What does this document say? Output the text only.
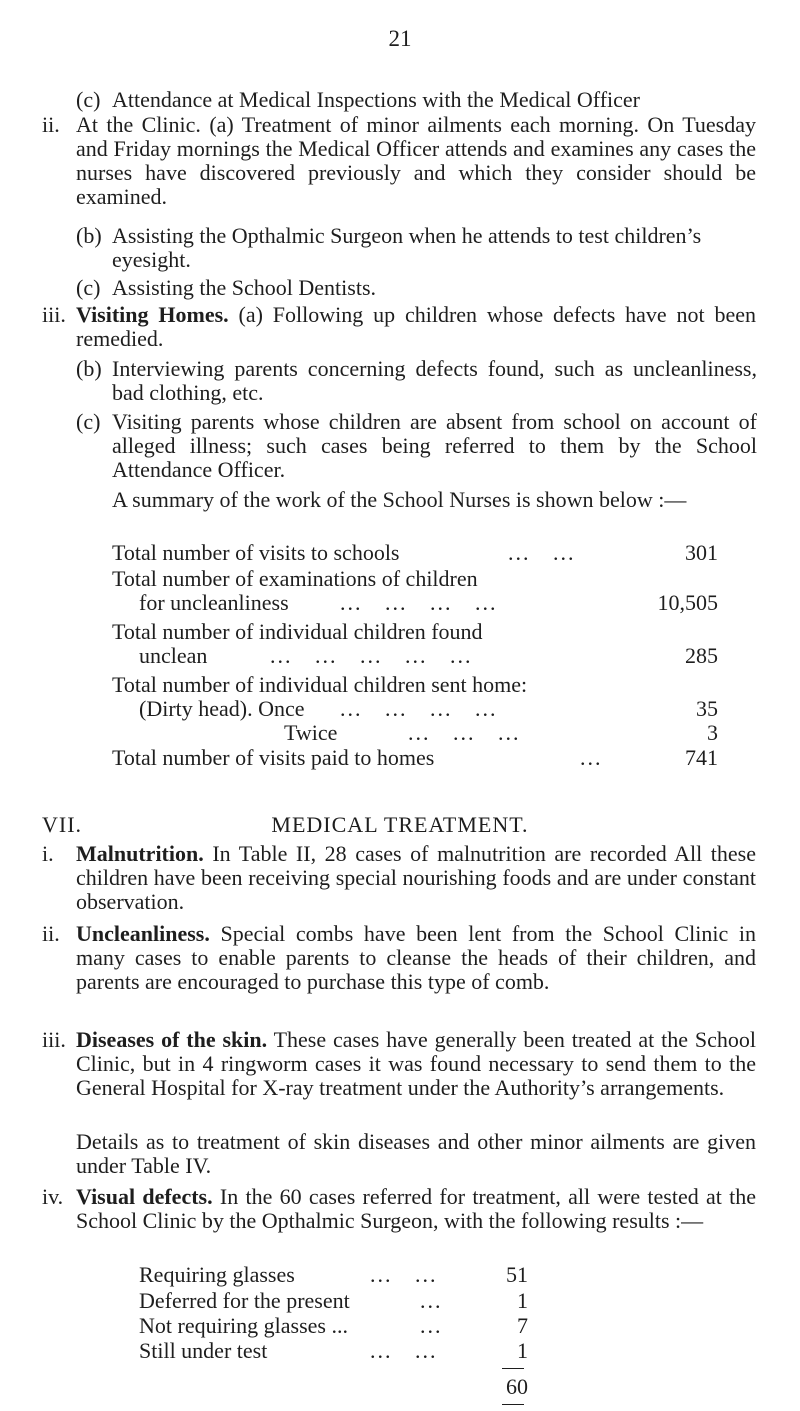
21
(c) Attendance at Medical Inspections with the Medical Officer
ii. At the Clinic. (a) Treatment of minor ailments each morning. On Tuesday and Friday mornings the Medical Officer attends and examines any cases the nurses have discovered previously and which they consider should be examined.
(b) Assisting the Opthalmic Surgeon when he attends to test children’s eyesight.
(c) Assisting the School Dentists.
iii. Visiting Homes. (a) Following up children whose defects have not been remedied.
(b) Interviewing parents concerning defects found, such as uncleanliness, bad clothing, etc.
(c) Visiting parents whose children are absent from school on account of alleged illness; such cases being referred to them by the School Attendance Officer.
A summary of the work of the School Nurses is shown below :—
Total number of visits to schools	...   ...	301
Total number of examinations of children
for uncleanliness ...   ...   ...   ...	10,505
Total number of individual children found
unclean	...   ...   ...   ...   ...	285
Total number of individual children sent home:
(Dirty head). Once ...   ...   ...   ...	35
Twice	...   ...   ...	3
Total number of visits paid to homes	...	741
VII.	MEDICAL TREATMENT.
i. Malnutrition. In Table II, 28 cases of malnutrition are recorded All these children have been receiving special nourishing foods and are under constant observation.
ii. Uncleanliness. Special combs have been lent from the School Clinic in many cases to enable parents to cleanse the heads of their children, and parents are encouraged to purchase this type of comb.
iii. Diseases of the skin. These cases have generally been treated at the School Clinic, but in 4 ringworm cases it was found necessary to send them to the General Hospital for X-ray treatment under the Authority’s arrangements.
Details as to treatment of skin diseases and other minor ailments are given under Table IV.
iv. Visual defects. In the 60 cases referred for treatment, all were tested at the School Clinic by the Opthalmic Surgeon, with the following results :—
Requiring glasses	...   ...	51
Deferred for the present	...	1
Not requiring glasses ...	...	7
Still under test	...   ...	1
60
